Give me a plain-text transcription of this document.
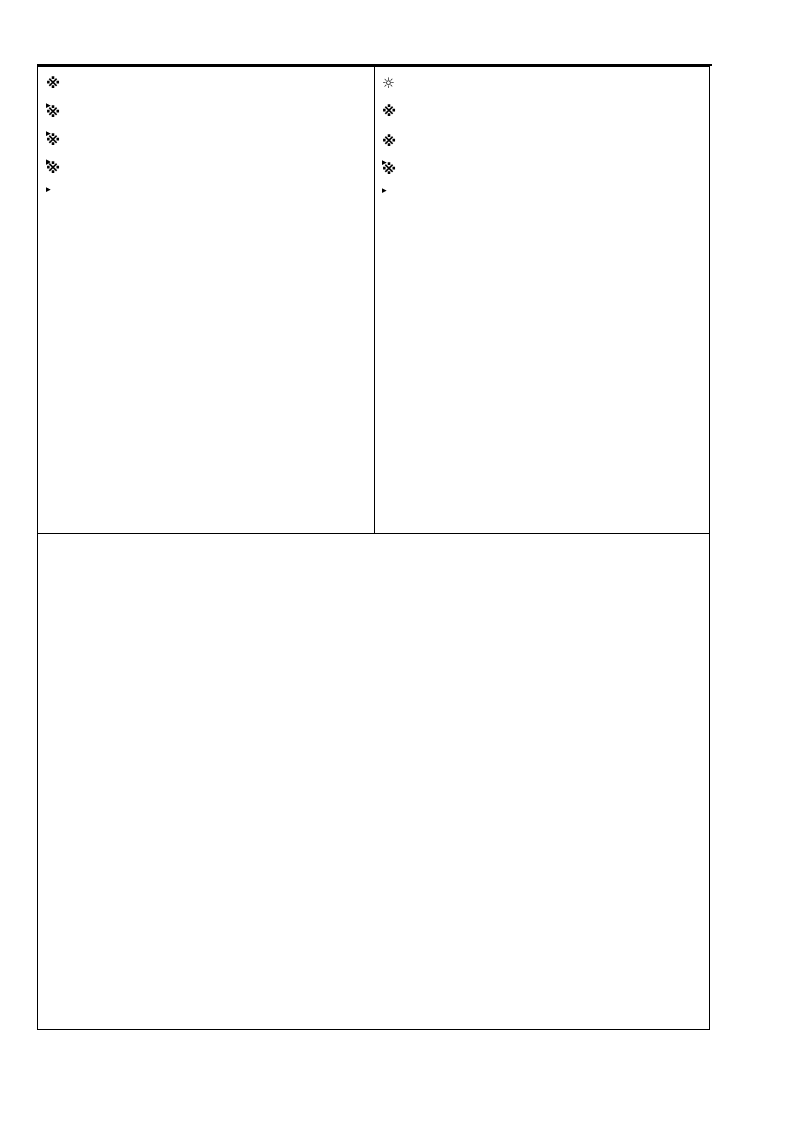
※
※
※
※
☼
※
※
※
